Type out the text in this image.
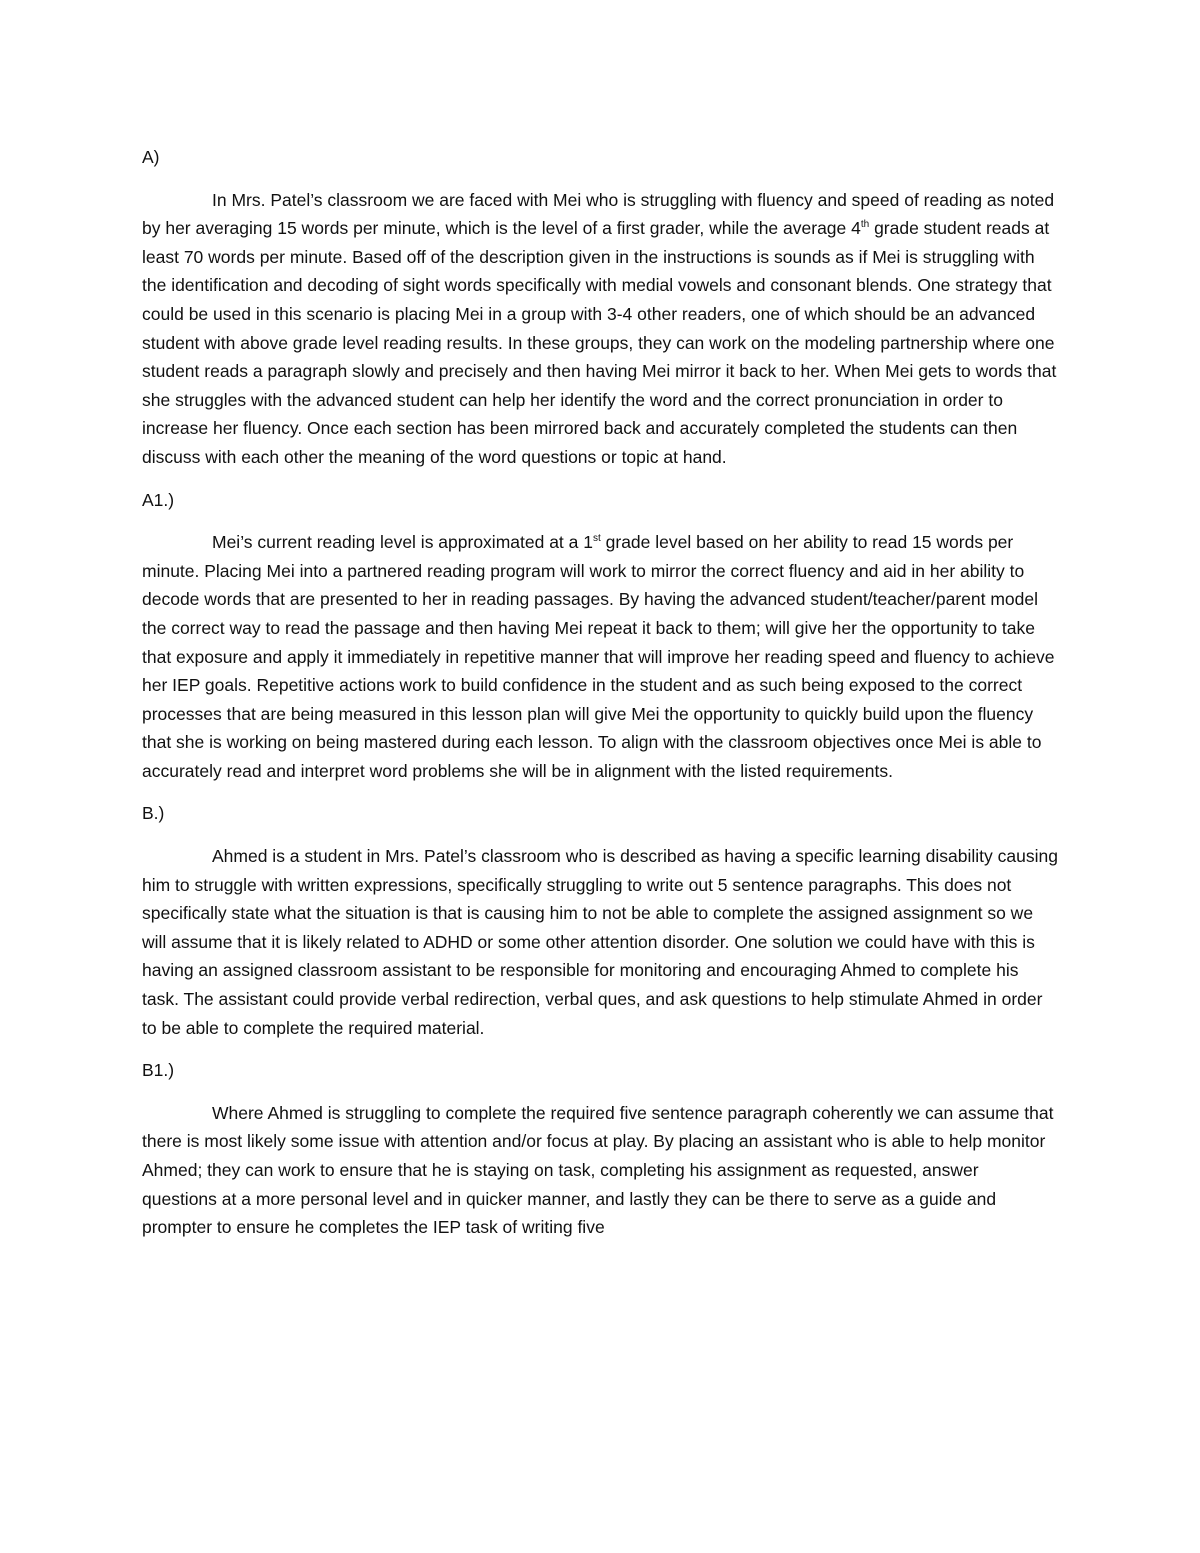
A)
In Mrs. Patel’s classroom we are faced with Mei who is struggling with fluency and speed of reading as noted by her averaging 15 words per minute, which is the level of a first grader, while the average 4th grade student reads at least 70 words per minute. Based off of the description given in the instructions is sounds as if Mei is struggling with the identification and decoding of sight words specifically with medial vowels and consonant blends. One strategy that could be used in this scenario is placing Mei in a group with 3-4 other readers, one of which should be an advanced student with above grade level reading results. In these groups, they can work on the modeling partnership where one student reads a paragraph slowly and precisely and then having Mei mirror it back to her. When Mei gets to words that she struggles with the advanced student can help her identify the word and the correct pronunciation in order to increase her fluency. Once each section has been mirrored back and accurately completed the students can then discuss with each other the meaning of the word questions or topic at hand.
A1.)
Mei’s current reading level is approximated at a 1st grade level based on her ability to read 15 words per minute. Placing Mei into a partnered reading program will work to mirror the correct fluency and aid in her ability to decode words that are presented to her in reading passages. By having the advanced student/teacher/parent model the correct way to read the passage and then having Mei repeat it back to them; will give her the opportunity to take that exposure and apply it immediately in repetitive manner that will improve her reading speed and fluency to achieve her IEP goals. Repetitive actions work to build confidence in the student and as such being exposed to the correct processes that are being measured in this lesson plan will give Mei the opportunity to quickly build upon the fluency that she is working on being mastered during each lesson. To align with the classroom objectives once Mei is able to accurately read and interpret word problems she will be in alignment with the listed requirements.
B.)
Ahmed is a student in Mrs. Patel’s classroom who is described as having a specific learning disability causing him to struggle with written expressions, specifically struggling to write out 5 sentence paragraphs. This does not specifically state what the situation is that is causing him to not be able to complete the assigned assignment so we will assume that it is likely related to ADHD or some other attention disorder. One solution we could have with this is having an assigned classroom assistant to be responsible for monitoring and encouraging Ahmed to complete his task. The assistant could provide verbal redirection, verbal ques, and ask questions to help stimulate Ahmed in order to be able to complete the required material.
B1.)
Where Ahmed is struggling to complete the required five sentence paragraph coherently we can assume that there is most likely some issue with attention and/or focus at play. By placing an assistant who is able to help monitor Ahmed; they can work to ensure that he is staying on task, completing his assignment as requested, answer questions at a more personal level and in quicker manner, and lastly they can be there to serve as a guide and prompter to ensure he completes the IEP task of writing five
